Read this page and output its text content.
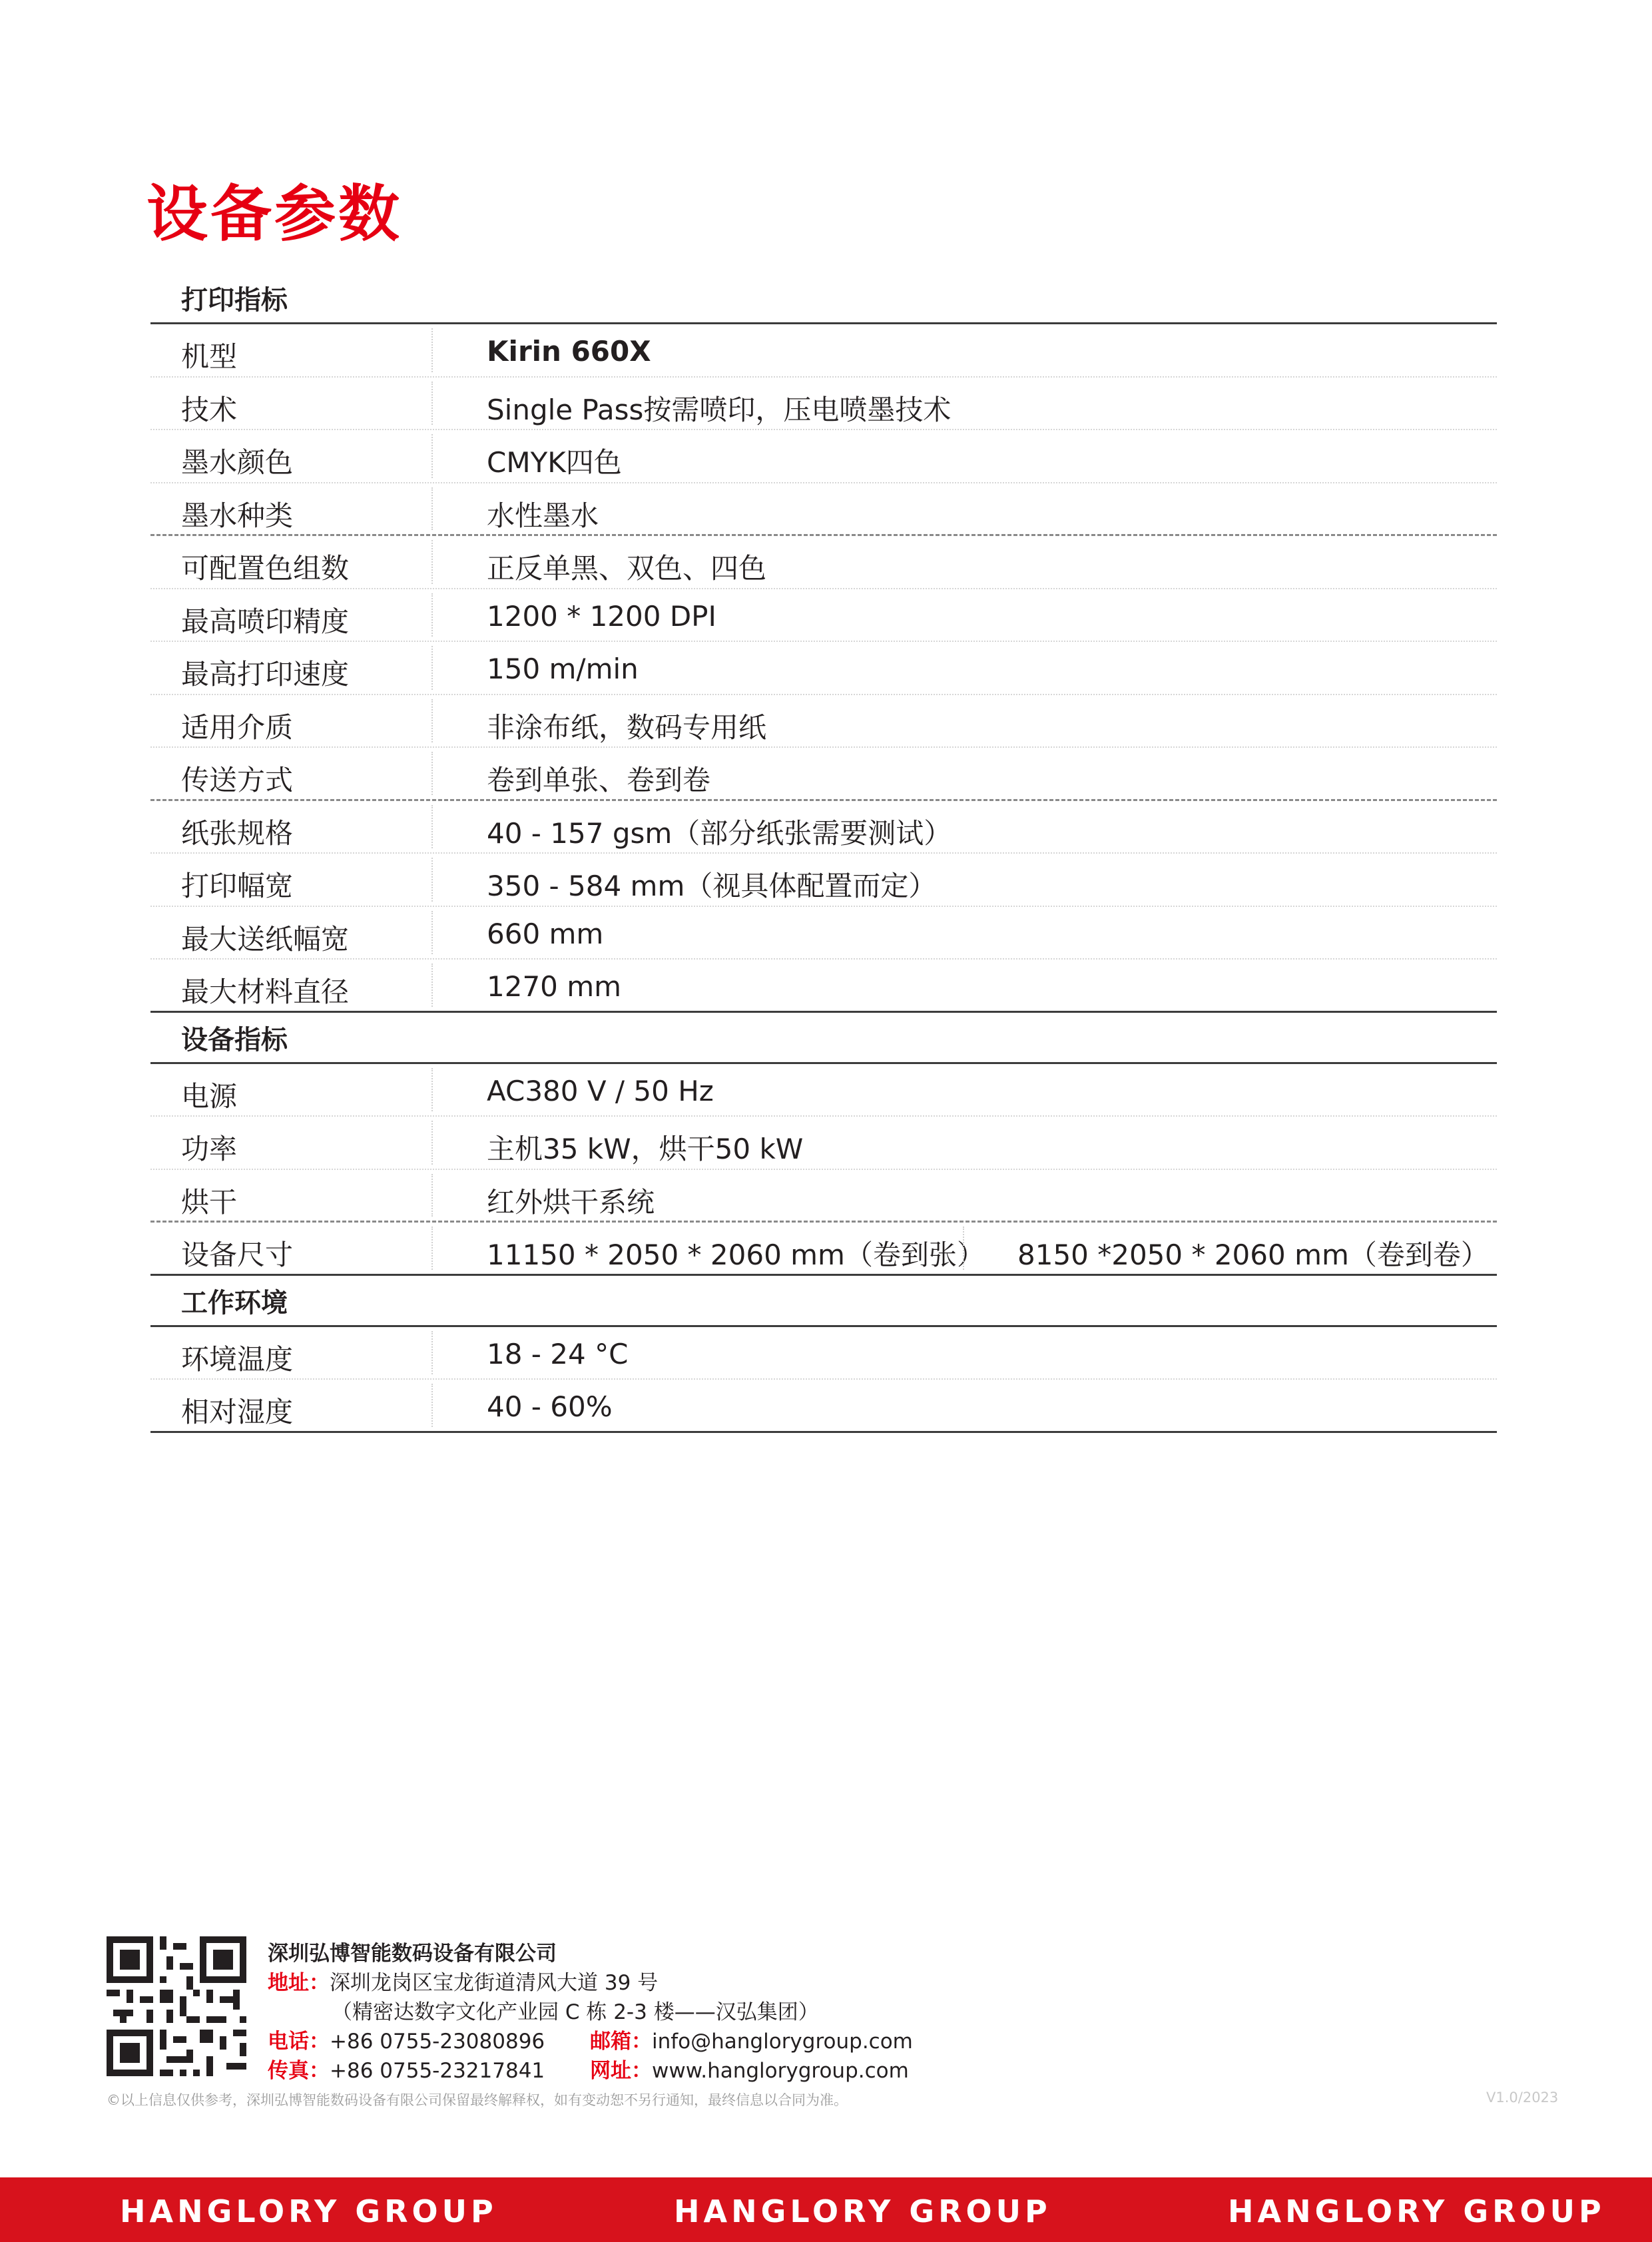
设备参数
打印指标
机型	Kirin 660X
技术	Single Pass按需喷印，压电喷墨技术
墨水颜色	CMYK四色
墨水种类	水性墨水
可配置色组数	正反单黑、双色、四色
最高喷印精度	1200 * 1200 DPI
最高打印速度	150 m/min
适用介质	非涂布纸，数码专用纸
传送方式	卷到单张、卷到卷
纸张规格	40 - 157 gsm（部分纸张需要测试）
打印幅宽	350 - 584 mm（视具体配置而定）
最大送纸幅宽	660 mm
最大材料直径	1270 mm
设备指标
电源	AC380 V / 50 Hz
功率	主机35 kW，烘干50 kW
烘干	红外烘干系统
设备尺寸	11150 * 2050 * 2060 mm（卷到张） 8150 *2050 * 2060 mm（卷到卷）
工作环境
环境温度	18 - 24 °C
相对湿度	40 - 60%
深圳弘博智能数码设备有限公司
地址：深圳龙岗区宝龙街道清风大道 39 号
（精密达数字文化产业园 C 栋 2-3 楼——汉弘集团）
电话：+86 0755-23080896 邮箱：info@hanglorygroup.com
传真：+86 0755-23217841 网址：www.hanglorygroup.com
©以上信息仅供参考，深圳弘博智能数码设备有限公司保留最终解释权，如有变动恕不另行通知，最终信息以合同为准。	V1.0/2023
HANGLORY GROUP	HANGLORY GROUP	HANGLORY GROUP
